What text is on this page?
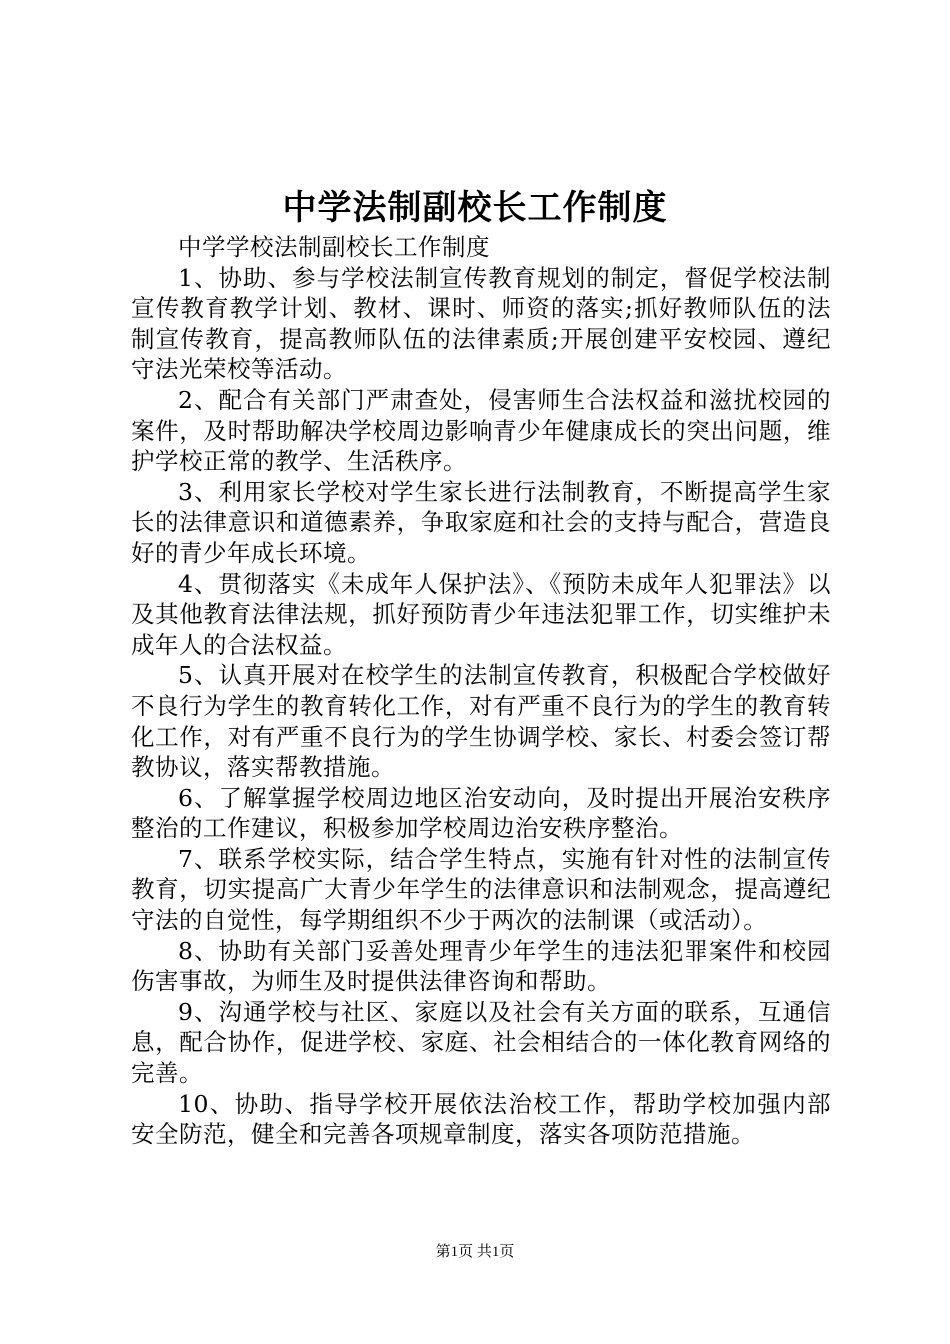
中学法制副校长工作制度

中学学校法制副校长工作制度

1、协助、参与学校法制宣传教育规划的制定，督促学校法制宣传教育教学计划、教材、课时、师资的落实;抓好教师队伍的法制宣传教育，提高教师队伍的法律素质;开展创建平安校园、遵纪守法光荣校等活动。

2、配合有关部门严肃查处，侵害师生合法权益和滋扰校园的案件，及时帮助解决学校周边影响青少年健康成长的突出问题，维护学校正常的教学、生活秩序。

3、利用家长学校对学生家长进行法制教育，不断提高学生家长的法律意识和道德素养，争取家庭和社会的支持与配合，营造良好的青少年成长环境。

4、贯彻落实《未成年人保护法》、《预防未成年人犯罪法》以及其他教育法律法规，抓好预防青少年违法犯罪工作，切实维护未成年人的合法权益。

5、认真开展对在校学生的法制宣传教育，积极配合学校做好不良行为学生的教育转化工作，对有严重不良行为的学生的教育转化工作，对有严重不良行为的学生协调学校、家长、村委会签订帮教协议，落实帮教措施。

6、了解掌握学校周边地区治安动向，及时提出开展治安秩序整治的工作建议，积极参加学校周边治安秩序整治。

7、联系学校实际，结合学生特点，实施有针对性的法制宣传教育，切实提高广大青少年学生的法律意识和法制观念，提高遵纪守法的自觉性，每学期组织不少于两次的法制课（或活动）。

8、协助有关部门妥善处理青少年学生的违法犯罪案件和校园伤害事故，为师生及时提供法律咨询和帮助。

9、沟通学校与社区、家庭以及社会有关方面的联系，互通信息，配合协作，促进学校、家庭、社会相结合的一体化教育网络的完善。

10、协助、指导学校开展依法治校工作，帮助学校加强内部安全防范，健全和完善各项规章制度，落实各项防范措施。

第1页 共1页
